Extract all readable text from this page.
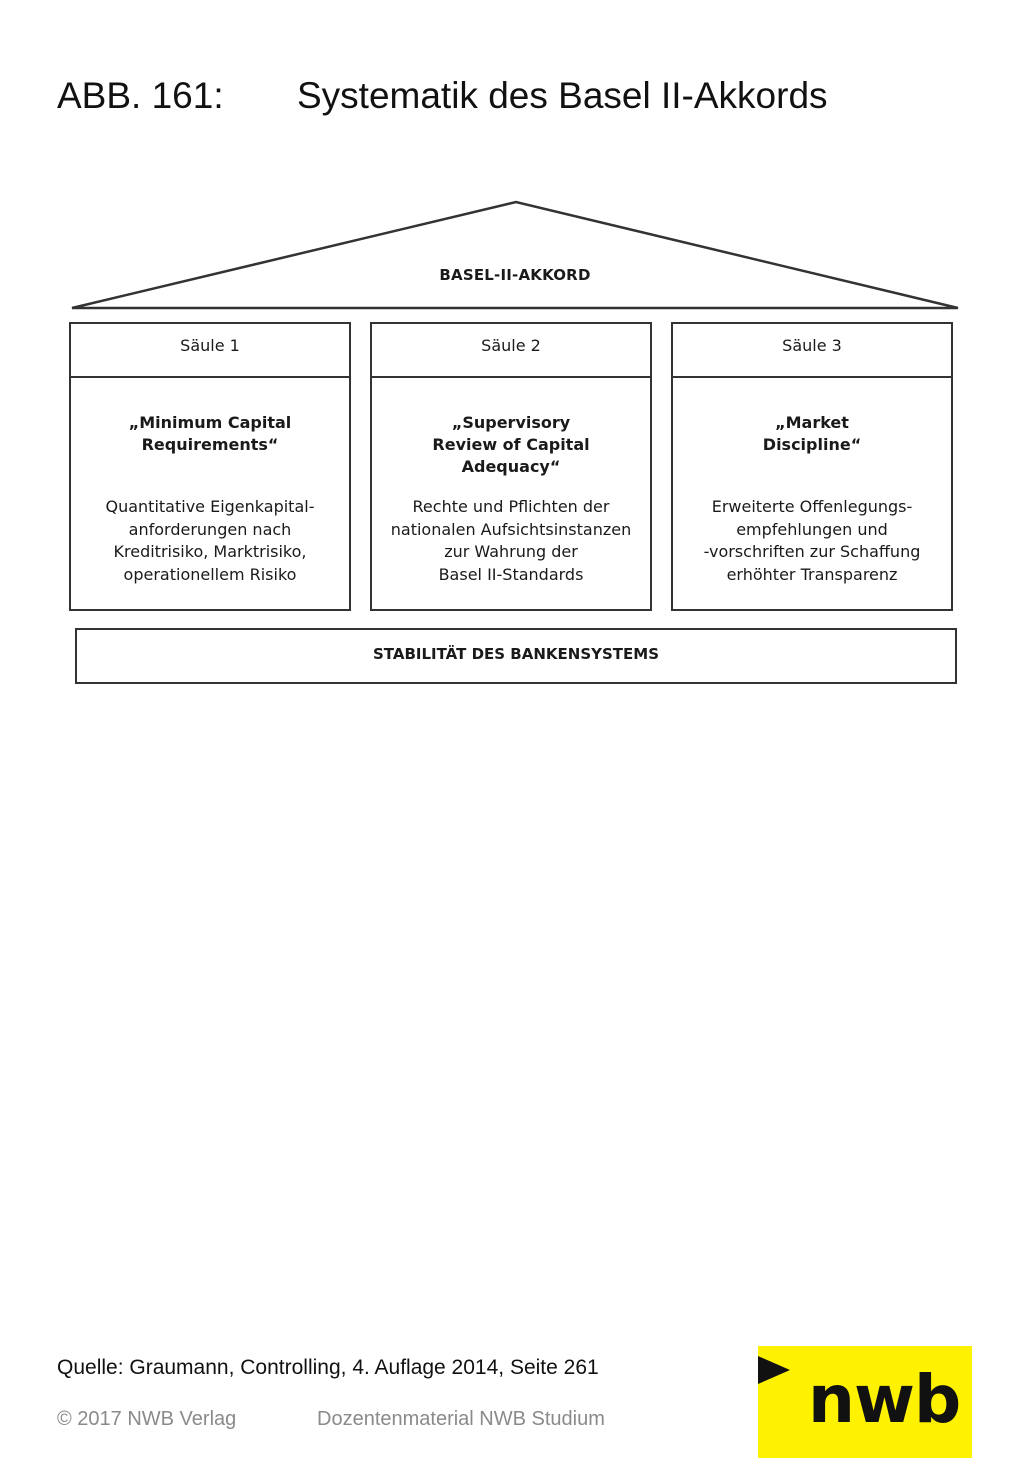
ABB. 161: Systematik des Basel II-Akkords
BASEL-II-AKKORD
Säule 1
„Minimum Capital
Requirements“
Quantitative Eigenkapital-
anforderungen nach
Kreditrisiko, Marktrisiko,
operationellem Risiko
Säule 2
„Supervisory
Review of Capital
Adequacy“
Rechte und Pflichten der
nationalen Aufsichtsinstanzen
zur Wahrung der
Basel II-Standards
Säule 3
„Market
Discipline“
Erweiterte Offenlegungs-
empfehlungen und
-vorschriften zur Schaffung
erhöhter Transparenz
STABILITÄT DES BANKENSYSTEMS
Quelle: Graumann, Controlling, 4. Auflage 2014, Seite 261
© 2017 NWB Verlag	Dozentenmaterial NWB Studium	nwb
